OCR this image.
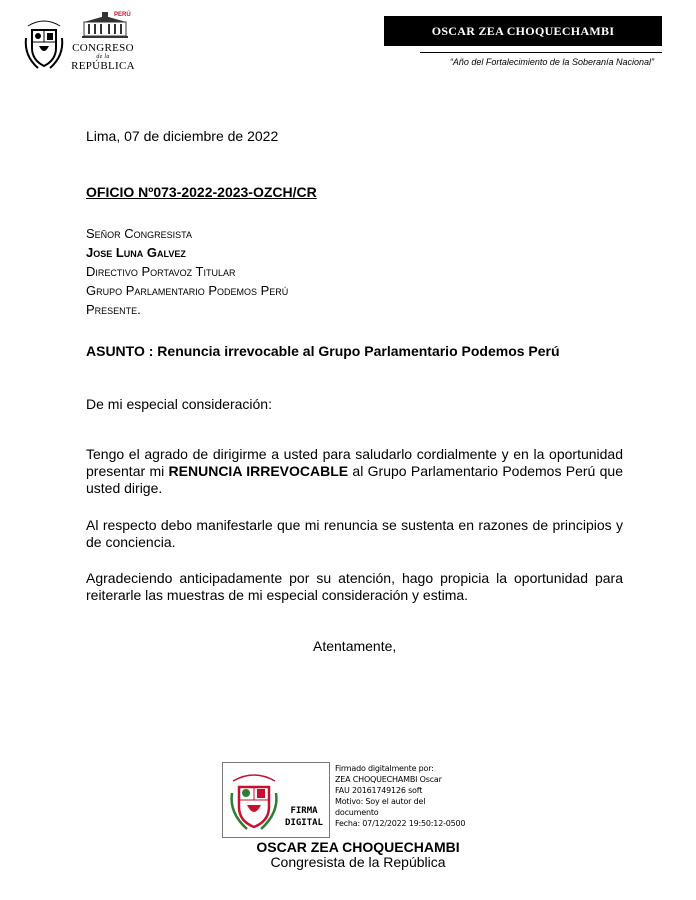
PERÚ
CONGRESO
de la
REPÚBLICA
OSCAR ZEA CHOQUECHAMBI
“Año del Fortalecimiento de la Soberanía Nacional”
Lima, 07 de diciembre de 2022
OFICIO Nº073-2022-2023-OZCH/CR
Señor Congresista
Jose Luna Galvez
Directivo Portavoz Titular
Grupo Parlamentario Podemos Perú
Presente.
ASUNTO : Renuncia irrevocable al Grupo Parlamentario Podemos Perú
De mi especial consideración:
Tengo el agrado de dirigirme a usted para saludarlo cordialmente y en la oportunidad presentar mi RENUNCIA IRREVOCABLE al Grupo Parlamentario Podemos Perú que usted dirige.
Al respecto debo manifestarle que mi renuncia se sustenta en razones de principios y de conciencia.
Agradeciendo anticipadamente por su atención, hago propicia la oportunidad para reiterarle las muestras de mi especial consideración y estima.
Atentamente,
FIRMA
DIGITAL
Firmado digitalmente por:
ZEA CHOQUECHAMBI Oscar
FAU 20161749126 soft
Motivo: Soy el autor del
documento
Fecha: 07/12/2022 19:50:12-0500
OSCAR ZEA CHOQUECHAMBI
Congresista de la República
